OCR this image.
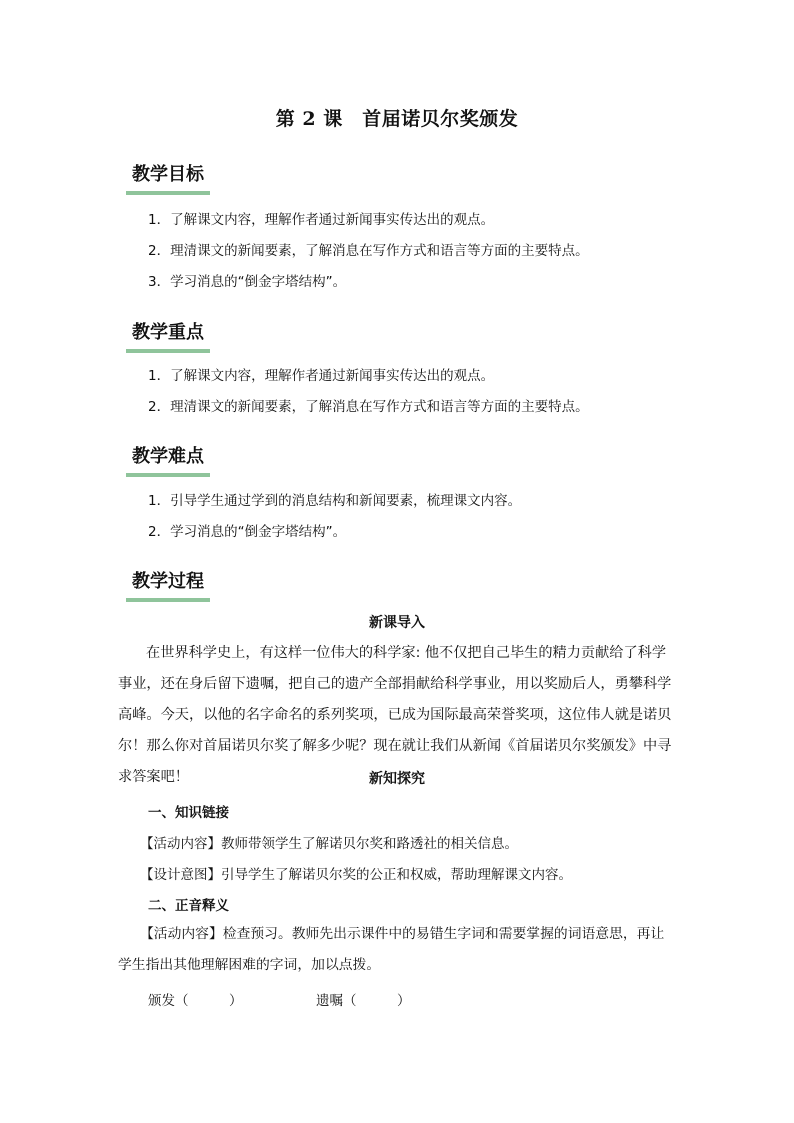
第 2 课　首届诺贝尔奖颁发
教学目标
1．了解课文内容，理解作者通过新闻事实传达出的观点。
2．理清课文的新闻要素，了解消息在写作方式和语言等方面的主要特点。
3．学习消息的“倒金字塔结构”。
教学重点
1．了解课文内容，理解作者通过新闻事实传达出的观点。
2．理清课文的新闻要素，了解消息在写作方式和语言等方面的主要特点。
教学难点
1．引导学生通过学到的消息结构和新闻要素，梳理课文内容。
2．学习消息的“倒金字塔结构”。
教学过程
新课导入
在世界科学史上，有这样一位伟大的科学家: 他不仅把自己毕生的精力贡献给了科学事业，还在身后留下遗嘱，把自己的遗产全部捐献给科学事业，用以奖励后人，勇攀科学高峰。今天，以他的名字命名的系列奖项，已成为国际最高荣誉奖项，这位伟人就是诺贝尔！那么你对首届诺贝尔奖了解多少呢？现在就让我们从新闻《首届诺贝尔奖颁发》中寻求答案吧！	新知探究
一、知识链接
【活动内容】教师带领学生了解诺贝尔奖和路透社的相关信息。
【设计意图】引导学生了解诺贝尔奖的公正和权威，帮助理解课文内容。
二、正音释义
【活动内容】检查预习。教师先出示课件中的易错生字词和需要掌握的词语意思，再让学生指出其他理解困难的字词，加以点拨。
颁发（　　　）	遗嘱（　　　）
